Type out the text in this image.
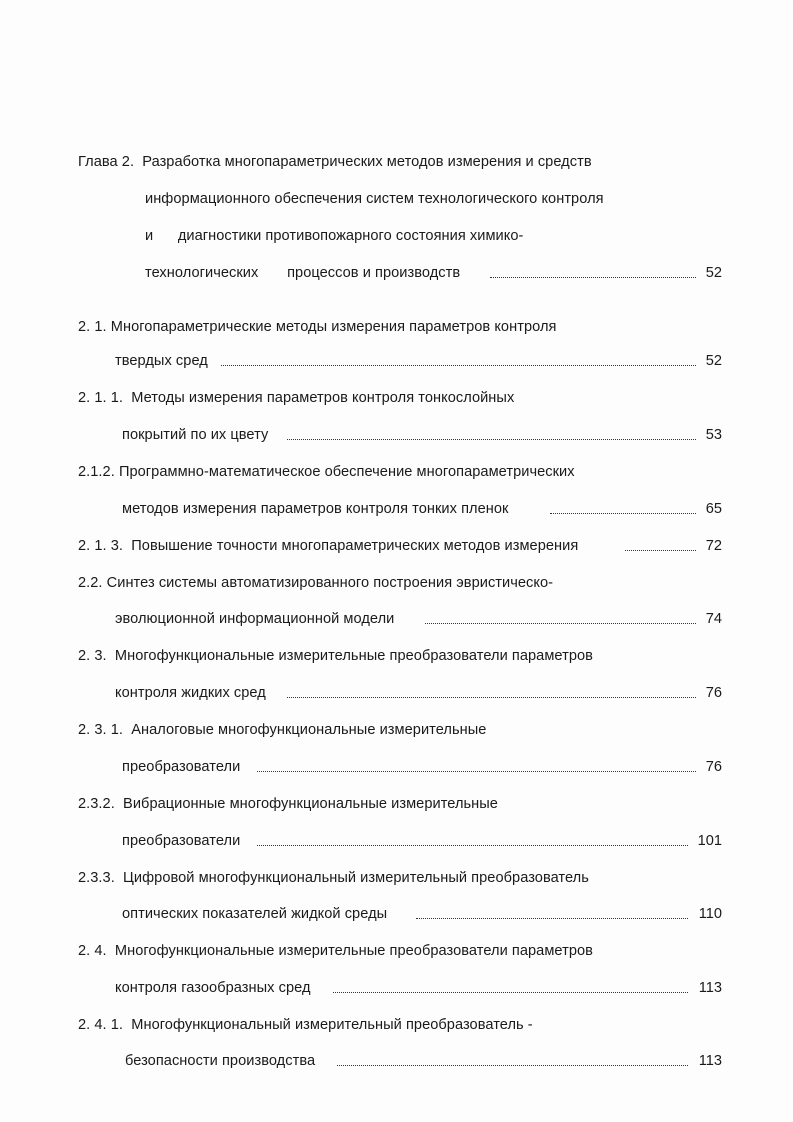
Глава 2. Разработка многопараметрических методов измерения и средств
информационного обеспечения систем технологического контроля
и      диагностики противопожарного состояния химико-
технологических       процессов и производств	52
2. 1. Многопараметрические методы измерения параметров контроля
твердых сред	52
2. 1. 1. Методы измерения параметров контроля тонкослойных
покрытий по их цвету	53
2.1.2. Программно-математическое обеспечение многопараметрических
методов измерения параметров контроля тонких пленок	65
2. 1. 3. Повышение точности многопараметрических методов измерения	72
2.2. Синтез системы автоматизированного построения эвристическо-
эволюционной информационной модели	74
2. 3. Многофункциональные измерительные преобразователи параметров
контроля жидких сред	76
2. 3. 1. Аналоговые многофункциональные измерительные
преобразователи	76
2.3.2. Вибрационные многофункциональные измерительные
преобразователи	101
2.3.3. Цифровой многофункциональный измерительный преобразователь
оптических показателей жидкой среды	110
2. 4. Многофункциональные измерительные преобразователи параметров
контроля газообразных сред	113
2. 4. 1. Многофункциональный измерительный преобразователь -
безопасности производства	113
